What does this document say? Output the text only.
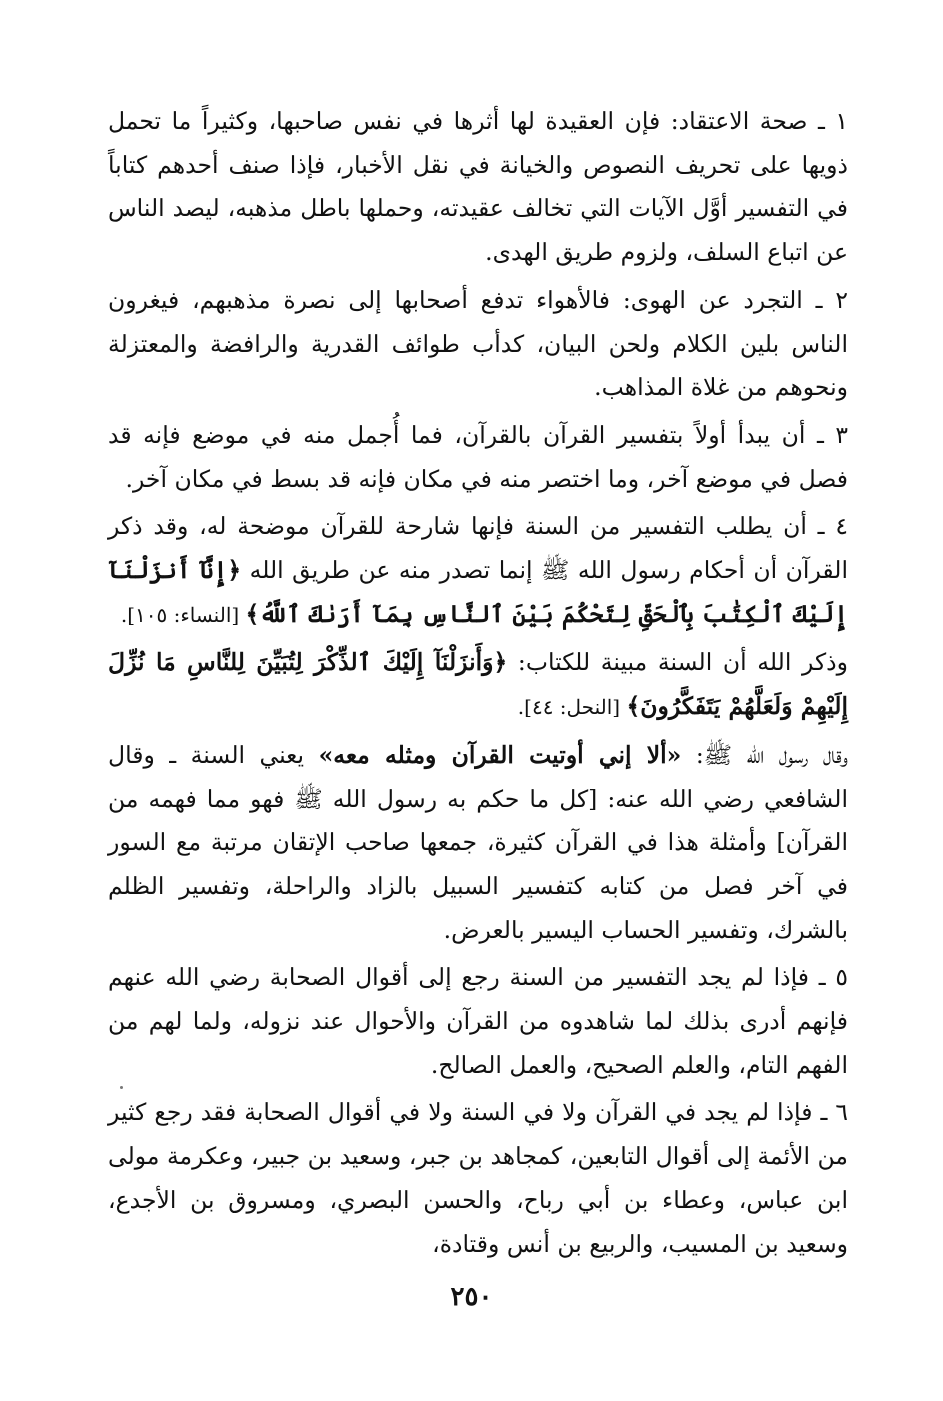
١ ـ صحة الاعتقاد: فإن العقيدة لها أثرها في نفس صاحبها، وكثيراً ما تحمل ذويها على تحريف النصوص والخيانة في نقل الأخبار، فإذا صنف أحدهم كتاباً في التفسير أوَّل الآيات التي تخالف عقيدته، وحملها باطل مذهبه، ليصد الناس عن اتباع السلف، ولزوم طريق الهدى.

٢ ـ التجرد عن الهوى: فالأهواء تدفع أصحابها إلى نصرة مذهبهم، فيغرون الناس بلين الكلام ولحن البيان، كدأب طوائف القدرية والرافضة والمعتزلة ونحوهم من غلاة المذاهب.

٣ ـ أن يبدأ أولاً بتفسير القرآن بالقرآن، فما أُجمل منه في موضع فإنه قد فصل في موضع آخر، وما اختصر منه في مكان فإنه قد بسط في مكان آخر.

٤ ـ أن يطلب التفسير من السنة فإنها شارحة للقرآن موضحة له، وقد ذكر القرآن أن أحكام رسول الله ﷺ إنما تصدر منه عن طريق الله ﴿إِنَّآ أَنزَلْنَآ إِلَيْكَ ٱلْكِتَٰبَ بِٱلْحَقِّ لِتَحْكُمَ بَيْنَ ٱلنَّاسِ بِمَآ أَرَىٰكَ ٱللَّهُ﴾ [النساء: ١٠٥].

وذكر الله أن السنة مبينة للكتاب: ﴿وَأَنزَلْنَآ إِلَيْكَ ٱلذِّكْرَ لِتُبَيِّنَ لِلنَّاسِ مَا نُزِّلَ إِلَيْهِمْ وَلَعَلَّهُمْ يَتَفَكَّرُونَ﴾ [النحل: ٤٤].

وقال رسول الله ﷺ: «ألا إني أوتيت القرآن ومثله معه» يعني السنة ـ وقال الشافعي رضي الله عنه: [كل ما حكم به رسول الله ﷺ فهو مما فهمه من القرآن] وأمثلة هذا في القرآن كثيرة، جمعها صاحب الإتقان مرتبة مع السور في آخر فصل من كتابه كتفسير السبيل بالزاد والراحلة، وتفسير الظلم بالشرك، وتفسير الحساب اليسير بالعرض.

٥ ـ فإذا لم يجد التفسير من السنة رجع إلى أقوال الصحابة رضي الله عنهم فإنهم أدرى بذلك لما شاهدوه من القرآن والأحوال عند نزوله، ولما لهم من الفهم التام، والعلم الصحيح، والعمل الصالح.

٦ ـ فإذا لم يجد في القرآن ولا في السنة ولا في أقوال الصحابة فقد رجع كثير من الأئمة إلى أقوال التابعين، كمجاهد بن جبر، وسعيد بن جبير، وعكرمة مولى ابن عباس، وعطاء بن أبي رباح، والحسن البصري، ومسروق بن الأجدع، وسعيد بن المسيب، والربيع بن أنس وقتادة،

٢٥٠
